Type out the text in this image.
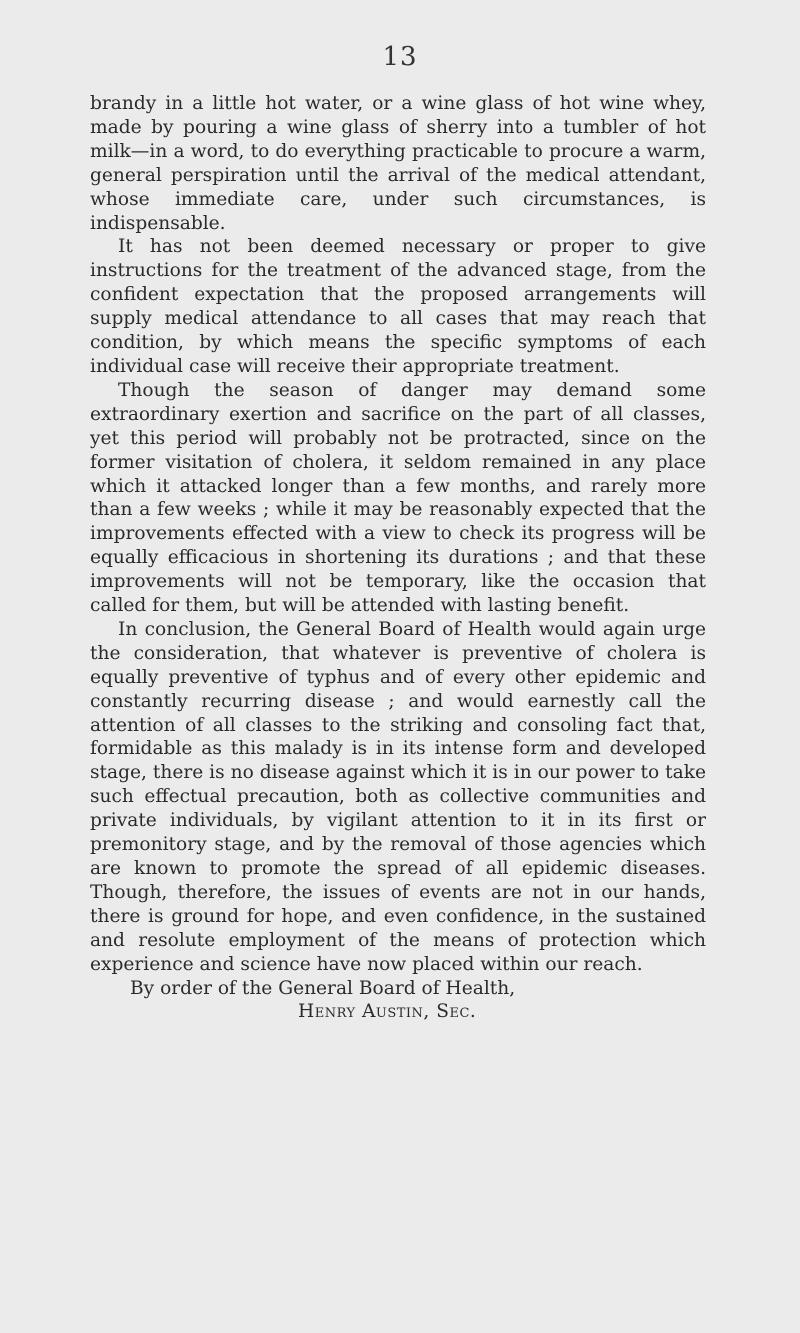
13

brandy in a little hot water, or a wine glass of hot wine whey, made by pouring a wine glass of sherry into a tumbler of hot milk—in a word, to do everything practicable to procure a warm, general perspiration until the arrival of the medical attendant, whose immediate care, under such circumstances, is indispensable.

It has not been deemed necessary or proper to give instructions for the treatment of the advanced stage, from the confident expectation that the proposed arrangements will supply medical attendance to all cases that may reach that condition, by which means the specific symptoms of each individual case will receive their appropriate treatment.

Though the season of danger may demand some extraordinary exertion and sacrifice on the part of all classes, yet this period will probably not be protracted, since on the former visitation of cholera, it seldom remained in any place which it attacked longer than a few months, and rarely more than a few weeks ; while it may be reasonably expected that the improvements effected with a view to check its progress will be equally efficacious in shortening its durations ; and that these improvements will not be temporary, like the occasion that called for them, but will be attended with lasting benefit.

In conclusion, the General Board of Health would again urge the consideration, that whatever is preventive of cholera is equally preventive of typhus and of every other epidemic and constantly recurring disease ; and would earnestly call the attention of all classes to the striking and consoling fact that, formidable as this malady is in its intense form and developed stage, there is no disease against which it is in our power to take such effectual precaution, both as collective communities and private individuals, by vigilant attention to it in its first or premonitory stage, and by the removal of those agencies which are known to promote the spread of all epidemic diseases. Though, therefore, the issues of events are not in our hands, there is ground for hope, and even confidence, in the sustained and resolute employment of the means of protection which experience and science have now placed within our reach.

By order of the General Board of Health,

Henry Austin, Sec.
